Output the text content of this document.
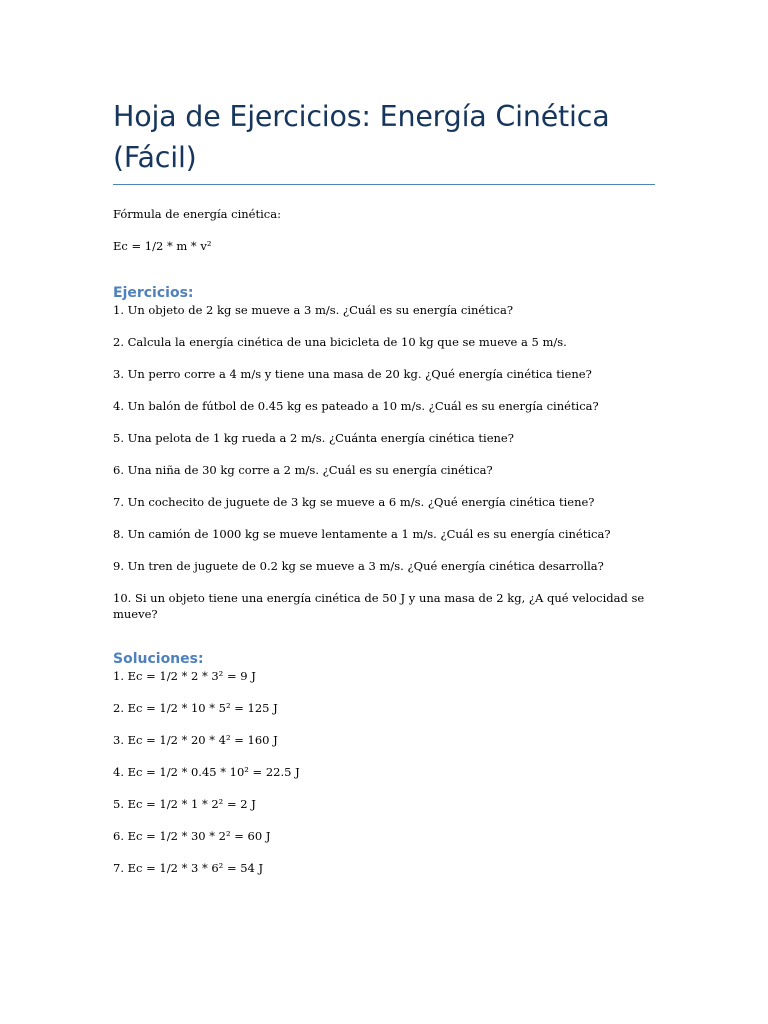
Hoja de Ejercicios: Energía Cinética (Fácil)

Fórmula de energía cinética:

Ec = 1/2 * m * v²

Ejercicios:
1. Un objeto de 2 kg se mueve a 3 m/s. ¿Cuál es su energía cinética?
2. Calcula la energía cinética de una bicicleta de 10 kg que se mueve a 5 m/s.
3. Un perro corre a 4 m/s y tiene una masa de 20 kg. ¿Qué energía cinética tiene?
4. Un balón de fútbol de 0.45 kg es pateado a 10 m/s. ¿Cuál es su energía cinética?
5. Una pelota de 1 kg rueda a 2 m/s. ¿Cuánta energía cinética tiene?
6. Una niña de 30 kg corre a 2 m/s. ¿Cuál es su energía cinética?
7. Un cochecito de juguete de 3 kg se mueve a 6 m/s. ¿Qué energía cinética tiene?
8. Un camión de 1000 kg se mueve lentamente a 1 m/s. ¿Cuál es su energía cinética?
9. Un tren de juguete de 0.2 kg se mueve a 3 m/s. ¿Qué energía cinética desarrolla?
10. Si un objeto tiene una energía cinética de 50 J y una masa de 2 kg, ¿A qué velocidad se mueve?
Soluciones:
1. Ec = 1/2 * 2 * 3² = 9 J
2. Ec = 1/2 * 10 * 5² = 125 J
3. Ec = 1/2 * 20 * 4² = 160 J
4. Ec = 1/2 * 0.45 * 10² = 22.5 J
5. Ec = 1/2 * 1 * 2² = 2 J
6. Ec = 1/2 * 30 * 2² = 60 J
7. Ec = 1/2 * 3 * 6² = 54 J
